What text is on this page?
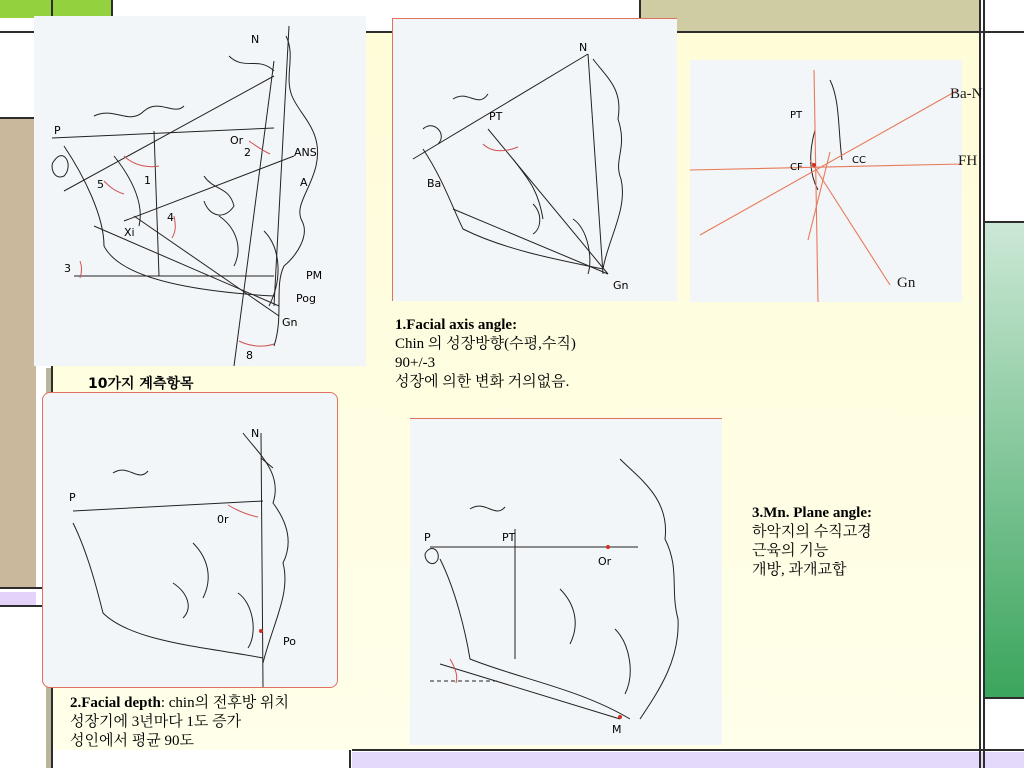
N
P
Or
ANS
2
A
5	1
4
Xi
3
PM
Pog
Gn
8
N
PT
Ba
Gn
PT
CF
CC
Ba-N
FH
Gn
10가지 계측항목
1.Facial axis angle:
Chin 의 성장방향(수평,수직)
90+/-3
성장에 의한 변화 거의없음.
N
P
0r
Po
P	PT
Or
M
2.Facial depth: chin의 전후방 위치
성장기에 3년마다 1도 증가
성인에서 평균 90도
3.Mn. Plane angle:
하악지의 수직고경
근육의 기능
개방, 과개교합
